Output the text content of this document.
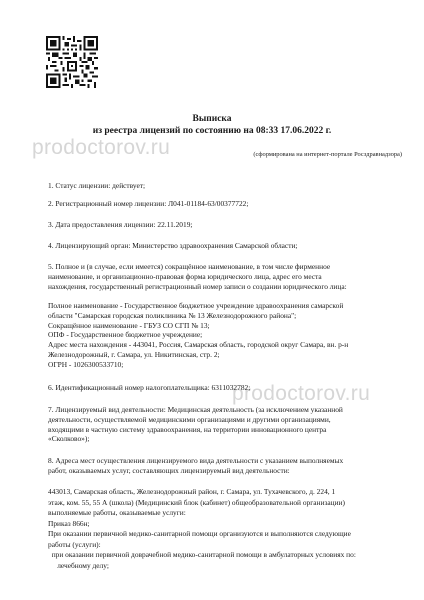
prodoctorov.ru
prodoctorov.ru
Выписка
из реестра лицензий по состоянию на 08:33 17.06.2022 г.
(сформирована на интернет-портале Росздравнадзора)
1. Статус лицензии: действует;
2. Регистрационный номер лицензии: Л041-01184-63/00377722;
3. Дата предоставления лицензии: 22.11.2019;
4. Лицензирующий орган: Министерство здравоохранения Самарской области;
5. Полное и (в случае, если имеется) сокращённое наименование, в том числе фирменное
наименование, и организационно-правовая форма юридического лица, адрес его места
нахождения, государственный регистрационный номер записи о создании юридического лица:
Полное наименование - Государственное бюджетное учреждение здравоохранения самарской
области "Самарская городская поликлиника № 13 Железнодорожного района";
Сокращённое наименование - ГБУЗ СО СГП № 13;
ОПФ - Государственное бюджетное учреждение;
Адрес места нахождения - 443041, Россия, Самарская область, городской округ Самара, вн. р-н
Железнодорожный, г. Самара, ул. Никитинская, стр. 2;
ОГРН - 1026300533710;
6. Идентификационный номер налогоплательщика: 6311032782;
7. Лицензируемый вид деятельности: Медицинская деятельность (за исключением указанной
деятельности, осуществляемой медицинскими организациями и другими организациями,
входящими в частную систему здравоохранения, на территории инновационного центра
«Сколково»);
8. Адреса мест осуществления лицензируемого вида деятельности с указанием выполняемых
работ, оказываемых услуг, составляющих лицензируемый вид деятельности:
443013, Самарская область, Железнодорожный район, г. Самара, ул. Тухачевского, д. 224, 1
этаж, ком. 55, 55 А (школа) (Медицинский блок (кабинет) общеобразовательной организации)
выполняемые работы, оказываемые услуги:
Приказ 866н;
При оказании первичной медико-санитарной помощи организуются и выполняются следующие
работы (услуги):
при оказании первичной доврачебной медико-санитарной помощи в амбулаторных условиях по:
лечебному делу;
